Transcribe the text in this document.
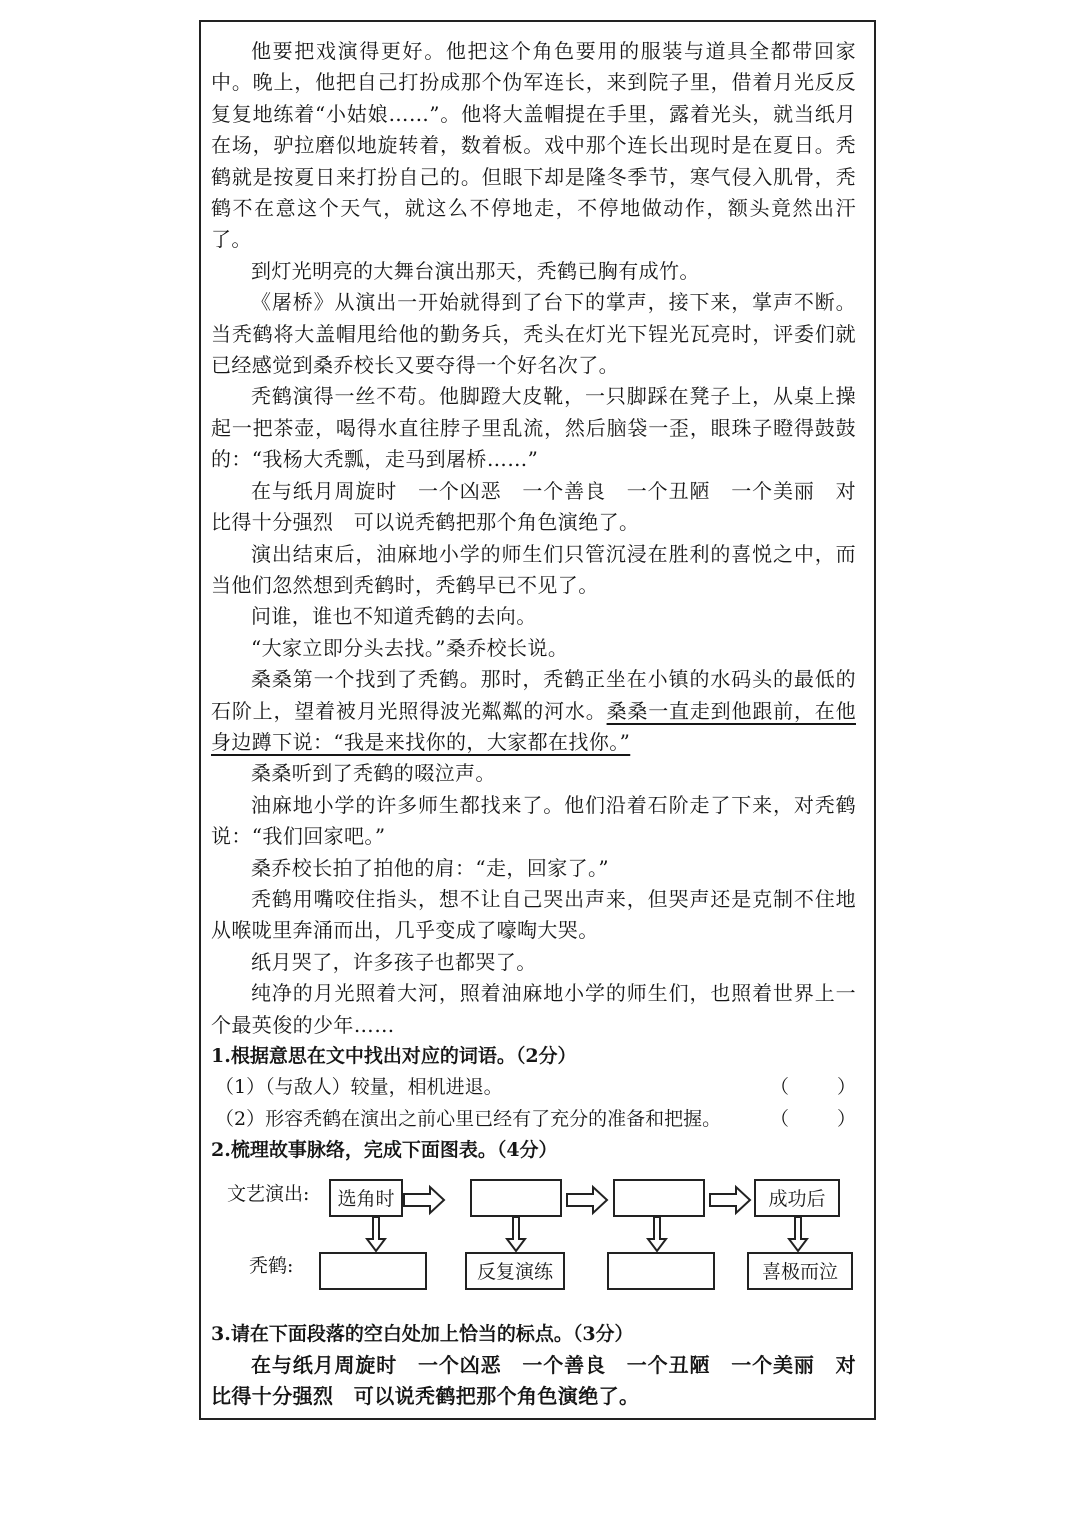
他要把戏演得更好。他把这个角色要用的服装与道具全都带回家中。晚上，他把自己打扮成那个伪军连长，来到院子里，借着月光反反复复地练着“小姑娘……”。他将大盖帽提在手里，露着光头，就当纸月在场，驴拉磨似地旋转着，数着板。戏中那个连长出现时是在夏日。秃鹤就是按夏日来打扮自己的。但眼下却是隆冬季节，寒气侵入肌骨，秃鹤不在意这个天气，就这么不停地走，不停地做动作，额头竟然出汗了。

到灯光明亮的大舞台演出那天，秃鹤已胸有成竹。

《屠桥》从演出一开始就得到了台下的掌声，接下来，掌声不断。当秃鹤将大盖帽甩给他的勤务兵，秃头在灯光下锃光瓦亮时，评委们就已经感觉到桑乔校长又要夺得一个好名次了。

秃鹤演得一丝不苟。他脚蹬大皮靴，一只脚踩在凳子上，从桌上操起一把茶壶，喝得水直往脖子里乱流，然后脑袋一歪，眼珠子瞪得鼓鼓的：“我杨大秃瓢，走马到屠桥……”

在与纸月周旋时　一个凶恶　一个善良　一个丑陋　一个美丽　对比得十分强烈　可以说秃鹤把那个角色演绝了。

演出结束后，油麻地小学的师生们只管沉浸在胜利的喜悦之中，而当他们忽然想到秃鹤时，秃鹤早已不见了。

问谁，谁也不知道秃鹤的去向。

“大家立即分头去找。”桑乔校长说。

桑桑第一个找到了秃鹤。那时，秃鹤正坐在小镇的水码头的最低的石阶上，望着被月光照得波光粼粼的河水。桑桑一直走到他跟前，在他身边蹲下说：“我是来找你的，大家都在找你。”

桑桑听到了秃鹤的啜泣声。

油麻地小学的许多师生都找来了。他们沿着石阶走了下来，对秃鹤说：“我们回家吧。”

桑乔校长拍了拍他的肩：“走，回家了。”

秃鹤用嘴咬住指头，想不让自己哭出声来，但哭声还是克制不住地从喉咙里奔涌而出，几乎变成了嚎啕大哭。

纸月哭了，许多孩子也都哭了。

纯净的月光照着大河，照着油麻地小学的师生们，也照着世界上一个最英俊的少年……

1.根据意思在文中找出对应的词语。（2分）

（1）（与敌人）较量，相机进退。	（	）
（2）形容秃鹤在演出之前心里已经有了充分的准备和把握。	（	）

2.梳理故事脉络，完成下面图表。（4分）

文艺演出:
秃鹤:
选角时	成功后
反复演练	喜极而泣

3.请在下面段落的空白处加上恰当的标点。（3分）

在与纸月周旋时　一个凶恶　一个善良　一个丑陋　一个美丽　对比得十分强烈　可以说秃鹤把那个角色演绝了。
